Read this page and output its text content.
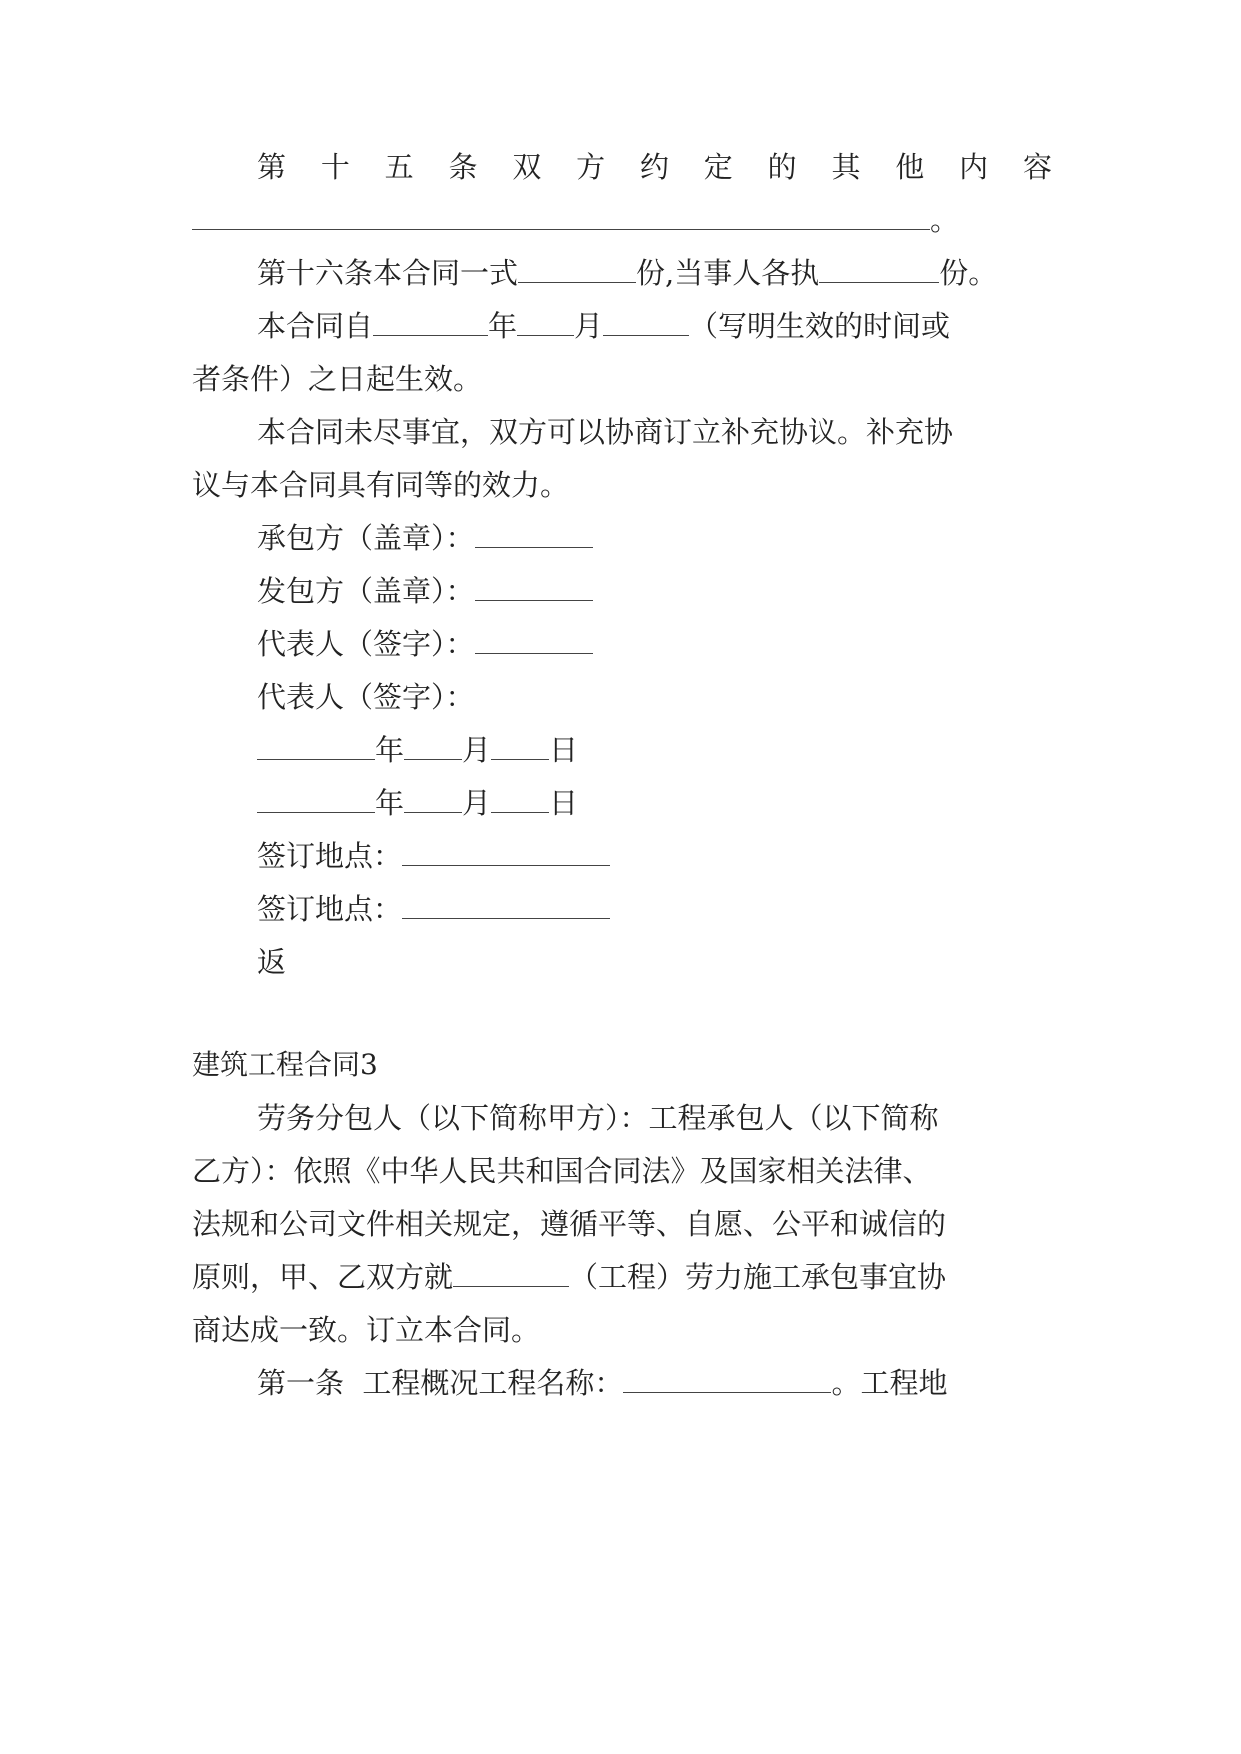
第 十 五 条 双 方 约 定 的 其 他 内 容
。
第十六条本合同一式	份,当事人各执	份。
本合同自	年 月	（写明生效的时间或
者条件）之日起生效。
本合同未尽事宜，双方可以协商订立补充协议。补充协
议与本合同具有同等的效力。
承包方（盖章）：
发包方（盖章）：
代表人（签字）：
代表人（签字）：
年 月 日
年 月 日
签订地点：
签订地点：
返
建筑工程合同3
劳务分包人（以下简称甲方）：工程承包人（以下简称
乙方）：依照《中华人民共和国合同法》及国家相关法律、
法规和公司文件相关规定，遵循平等、自愿、公平和诚信的
原则，甲、乙双方就	（工程）劳力施工承包事宜协
商达成一致。订立本合同。
第一条  工程概况工程名称：	。工程地
